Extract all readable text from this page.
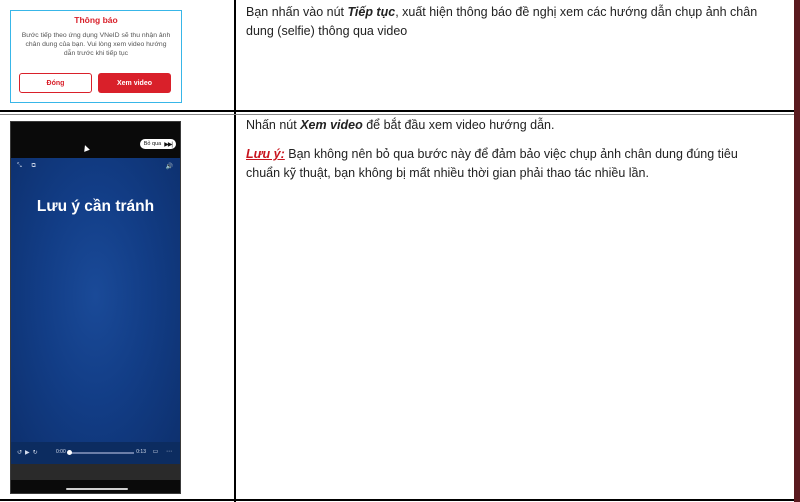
Thông báo
Bước tiếp theo ứng dụng VNeID sẽ thu nhận ảnh chân dung của bạn. Vui lòng xem video hướng dẫn trước khi tiếp tục
Đóng	Xem video
Bạn nhấn vào nút Tiếp tục, xuất hiện thông báo đề nghị xem các hướng dẫn chụp ảnh chân dung (selfie) thông qua video
Bỏ qua ▶▶|
⤡ ⧉	🔊
Lưu ý cần tránh
↺▶↻	0:00	0:13 ▭ ⋯
Nhấn nút Xem video để bắt đầu xem video hướng dẫn.
Lưu ý: Bạn không nên bỏ qua bước này để đảm bảo việc chụp ảnh chân dung đúng tiêu chuẩn kỹ thuật, bạn không bị mất nhiều thời gian phải thao tác nhiều lần.
